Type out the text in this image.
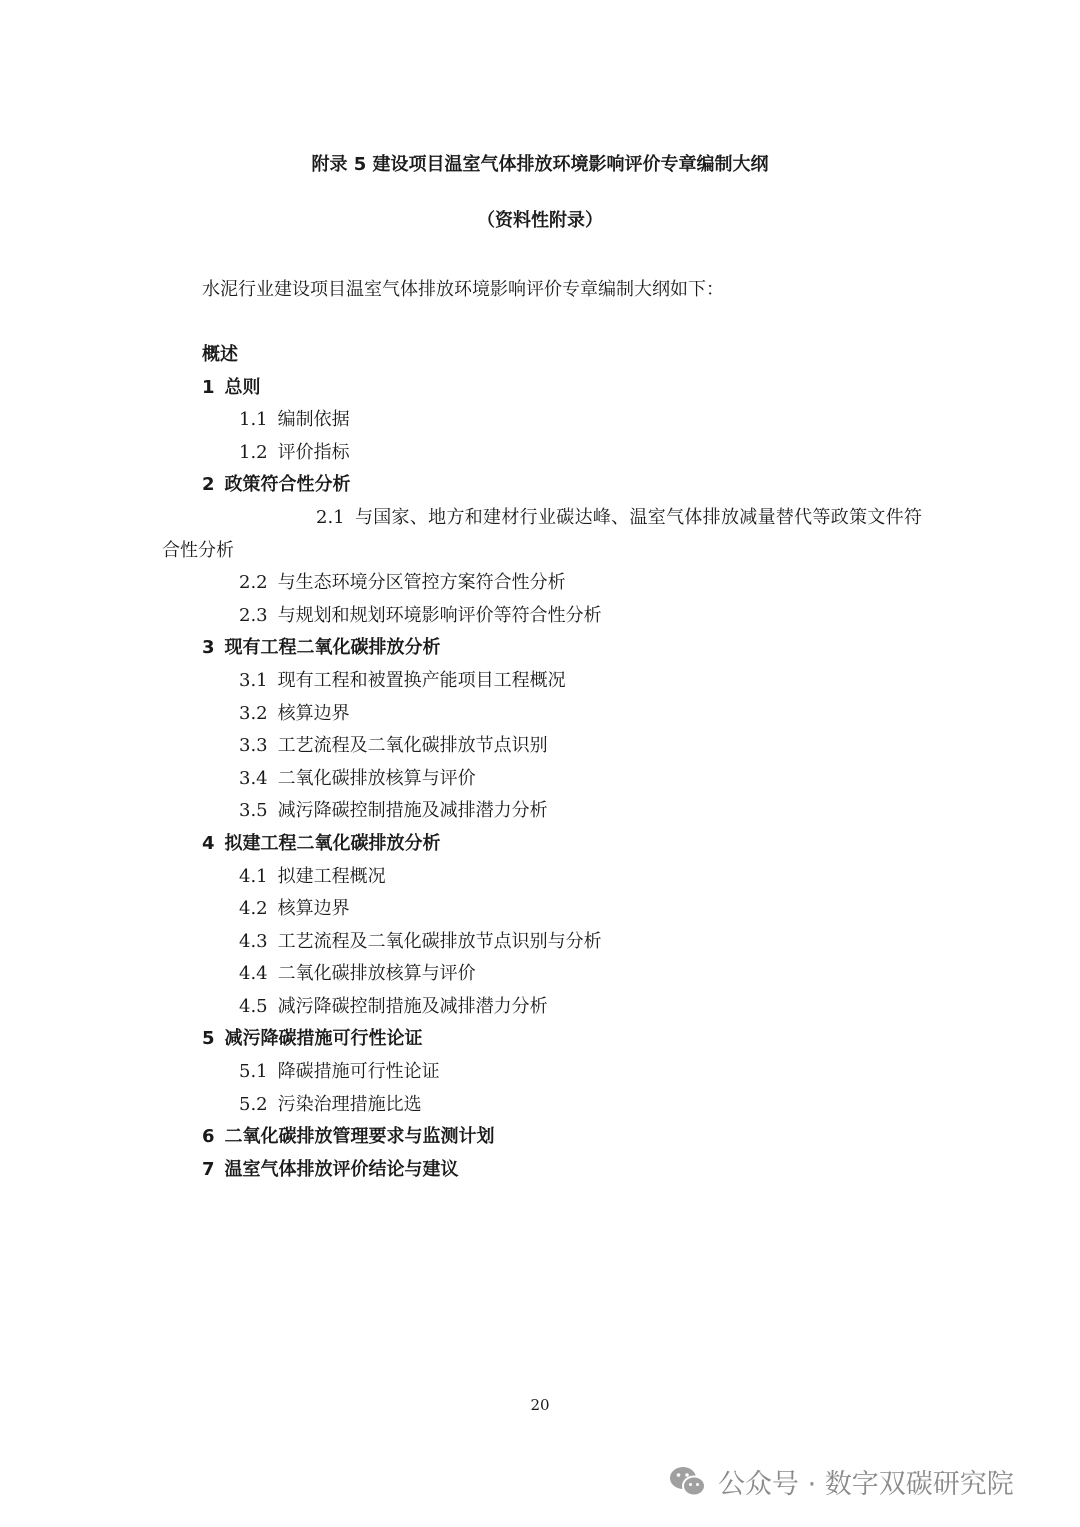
附录 5 建设项目温室气体排放环境影响评价专章编制大纲
（资料性附录）
水泥行业建设项目温室气体排放环境影响评价专章编制大纲如下：
概述
1 总则
1.1 编制依据
1.2 评价指标
2 政策符合性分析
2.1 与国家、地方和建材行业碳达峰、温室气体排放减量替代等政策文件符合性分析
2.2 与生态环境分区管控方案符合性分析
2.3 与规划和规划环境影响评价等符合性分析
3 现有工程二氧化碳排放分析
3.1 现有工程和被置换产能项目工程概况
3.2 核算边界
3.3 工艺流程及二氧化碳排放节点识别
3.4 二氧化碳排放核算与评价
3.5 减污降碳控制措施及减排潜力分析
4 拟建工程二氧化碳排放分析
4.1 拟建工程概况
4.2 核算边界
4.3 工艺流程及二氧化碳排放节点识别与分析
4.4 二氧化碳排放核算与评价
4.5 减污降碳控制措施及减排潜力分析
5 减污降碳措施可行性论证
5.1 降碳措施可行性论证
5.2 污染治理措施比选
6 二氧化碳排放管理要求与监测计划
7 温室气体排放评价结论与建议
20
公众号 · 数字双碳研究院
